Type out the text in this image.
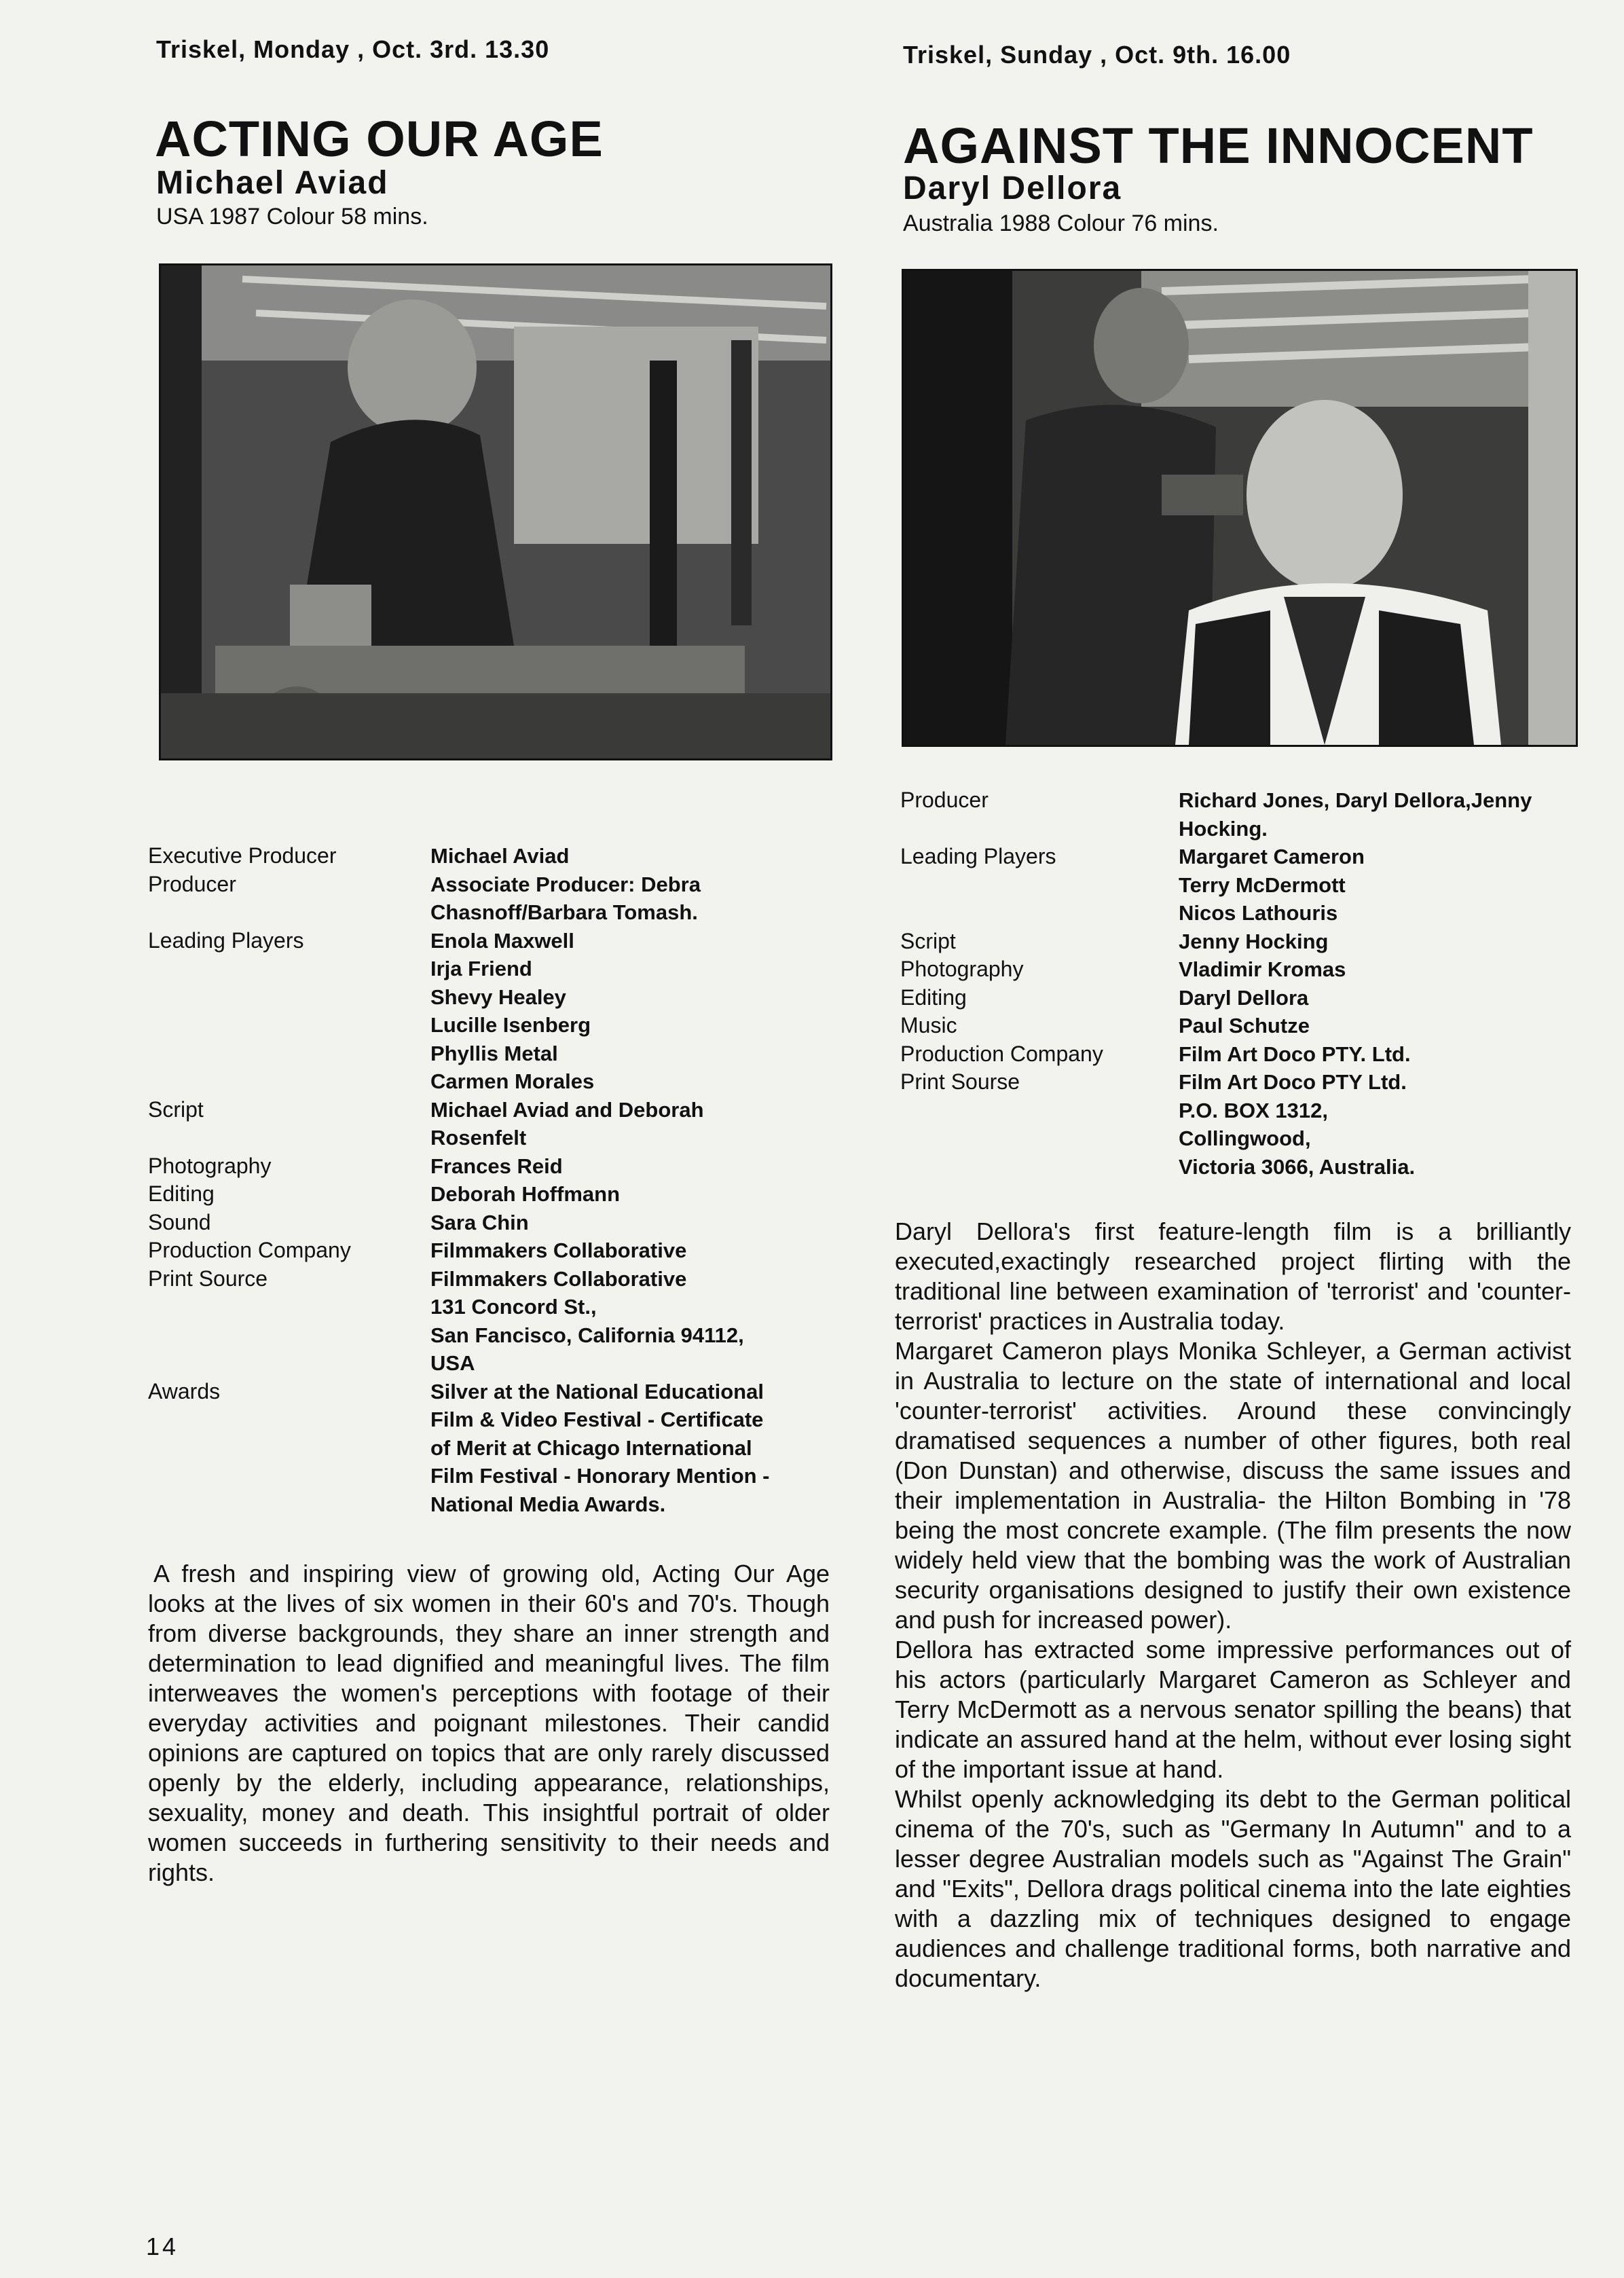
Triskel, Monday , Oct. 3rd. 13.30
ACTING OUR AGE
Michael Aviad
USA 1987 Colour 58 mins.
Executive Producer	Michael Aviad
Producer	Associate Producer: Debra
Chasnoff/Barbara Tomash.
Leading Players	Enola Maxwell
Irja Friend
Shevy Healey
Lucille Isenberg
Phyllis Metal
Carmen Morales
Script	Michael Aviad and Deborah
Rosenfelt
Photography	Frances Reid
Editing	Deborah Hoffmann
Sound	Sara Chin
Production Company	Filmmakers Collaborative
Print Source	Filmmakers Collaborative
131 Concord St.,
San Fancisco, California 94112,
USA
Awards	Silver at the National Educational
Film & Video Festival - Certificate
of Merit at Chicago International
Film Festival - Honorary Mention -
National Media Awards.

A fresh and inspiring view of growing old, Acting Our Age looks at the lives of six women in their 60's and 70's. Though from diverse backgrounds, they share an inner strength and determination to lead dignified and meaningful lives. The film interweaves the women's perceptions with footage of their everyday activities and poignant milestones. Their candid opinions are captured on topics that are only rarely discussed openly by the elderly, including appearance, relationships, sexuality, money and death. This insightful portrait of older women succeeds in furthering sensitivity to their needs and rights.

Triskel, Sunday , Oct. 9th. 16.00
AGAINST THE INNOCENT
Daryl Dellora
Australia 1988 Colour 76 mins.
Producer	Richard Jones, Daryl Dellora,Jenny
Hocking.
Leading Players	Margaret Cameron
Terry McDermott
Nicos Lathouris
Script	Jenny Hocking
Photography	Vladimir Kromas
Editing	Daryl Dellora
Music	Paul Schutze
Production Company	Film Art Doco PTY. Ltd.
Print Sourse	Film Art Doco PTY Ltd.
P.O. BOX 1312,
Collingwood,
Victoria 3066, Australia.

Daryl Dellora's first feature-length film is a brilliantly executed,exactingly researched project flirting with the traditional line between examination of 'terrorist' and 'counter-terrorist' practices in Australia today.

Margaret Cameron plays Monika Schleyer, a German activist in Australia to lecture on the state of international and local 'counter-terrorist' activities. Around these convincingly dramatised sequences a number of other figures, both real (Don Dunstan) and otherwise, discuss the same issues and their implementation in Australia- the Hilton Bombing in '78 being the most concrete example. (The film presents the now widely held view that the bombing was the work of Australian security organisations designed to justify their own existence and push for increased power).

Dellora has extracted some impressive performances out of his actors (particularly Margaret Cameron as Schleyer and Terry McDermott as a nervous senator spilling the beans) that indicate an assured hand at the helm, without ever losing sight of the important issue at hand.

Whilst openly acknowledging its debt to the German political cinema of the 70's, such as "Germany In Autumn" and to a lesser degree Australian models such as "Against The Grain" and "Exits", Dellora drags political cinema into the late eighties with a dazzling mix of techniques designed to engage audiences and challenge traditional forms, both narrative and documentary.

14
